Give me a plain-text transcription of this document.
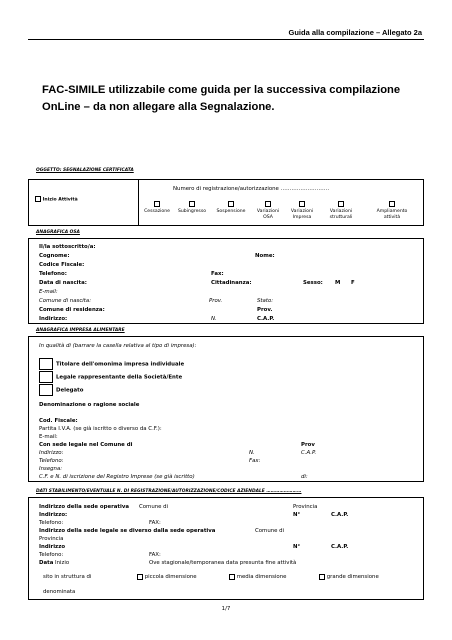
Guida alla compilazione – Allegato 2a
FAC-SIMILE utilizzabile come guida per la successiva compilazione OnLine – da non allegare alla Segnalazione.
OGGETTO: SEGNALAZIONE CERTIFICATA
Inizio Attività
Numero di registrazione/autorizzazione ………………………
Cessazione	Subingresso	Sospensione	Variazioni
OSA
Variazioni
Impresa
Variazioni
strutturali
Ampliamento
attività
ANAGRAFICA OSA
Il/la sottoscritto/a:
Cognome:	Nome:
Codice Fiscale:
Telefono:	Fax:
Data di nascita:	Cittadinanza:	Sesso: M F
E-mail:
Comune di nascita:	Prov.	Stato:
Comune di residenza:	Prov.
Indirizzo:	N.	C.A.P.
ANAGRAFICA IMPRESA ALIMENTARE
In qualità di (barrare la casella relativa al tipo di impresa):
Titolare dell'omonima impresa individuale
Legale rappresentante della Società/Ente
Delegato
Denominazione o ragione sociale
Cod. Fiscale:
Partita I.V.A. (se già iscritto o diverso da C.F.):
E-mail:
Con sede legale nel Comune di	Prov
Indirizzo:	N.	C.A.P.
Telefono:	Fax:
Insegna:
C.F. e N. di iscrizione del Registro Imprese (se già iscritto)	di:
DATI STABILIMENTO/EVENTUALE N. DI REGISTRAZIONE/AUTORIZZAZIONE/CODICE AZIENDALE ……………………
Indirizzo della sede operativa Comune di	Provincia
Indirizzo:	N°	C.A.P.
Telefono:	FAX:
Indirizzo della sede legale se diverso dalla sede operativa	Comune di
Provincia
Indirizzo	N°	C.A.P.
Telefono:	FAX:
Data Inizio	Ove stagionale/temporanea data presunta fine attività
sito in struttura di	piccola dimensione	media dimensione	grande dimensione
denominata
1/7
